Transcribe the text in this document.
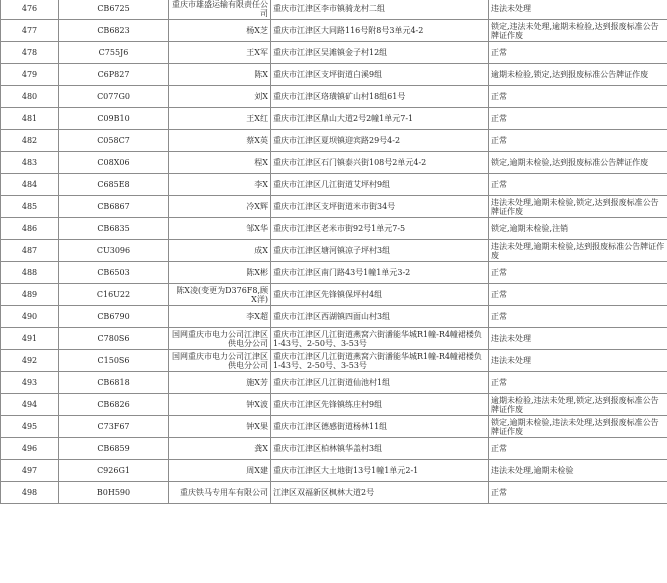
476	CB6725	重庆市雄盛运输有限责任公司	重庆市江津区李市镇骑龙村二组	违法未处理
477	CB6823	杨X芝	重庆市江津区大同路116号附8号3单元4-2	锁定,违法未处理,逾期未检验,达到报废标准公告牌证作废
478	C755J6	王X军	重庆市江津区吴滩镇金子村12组	正常
479	C6P827	陈X	重庆市江津区支坪街道白溪9组	逾期未检验,锁定,达到报废标准公告牌证作废
480	C077G0	刘X	重庆市江津区珞璜镇矿山村18组61号	正常
481	C09B10	王X红	重庆市江津区鼎山大道2号2幢1单元7-1	正常
482	C058C7	蔡X英	重庆市江津区夏坝镇迎宾路29号4-2	正常
483	C08X06	程X	重庆市江津区石门镇泰兴街108号2单元4-2	锁定,逾期未检验,达到报废标准公告牌证作废
484	C685E8	李X	重庆市江津区几江街道艾坪村9组	正常
485	CB6867	冷X辉	重庆市江津区支坪街道米市街34号	违法未处理,逾期未检验,锁定,达到报废标准公告牌证作废
486	CB6835	邹X华	重庆市江津区老米市街92号1单元7-5	锁定,逾期未检验,注销
487	CU3096	成X	重庆市江津区塘河镇凉子坪村3组	违法未处理,逾期未检验,达到报废标准公告牌证作废
488	CB6503	陈X彬	重庆市江津区南门路43号1幢1单元3-2	正常
489	C16U22	陈X凌(变更为D376F8,顾X洋)	重庆市江津区先锋镇保坪村4组	正常
490	CB6790	李X超	重庆市江津区西湖镇四面山村3组	正常
491	C780S6	国网重庆市电力公司江津区供电分公司	重庆市江津区几江街道燕窝六街潘能华城R1幢-R4幢裙楼负1-43号、2-50号、3-53号	违法未处理
492	C150S6	国网重庆市电力公司江津区供电分公司	重庆市江津区几江街道燕窝六街潘能华城R1幢-R4幢裙楼负1-43号、2-50号、3-53号	违法未处理
493	CB6818	施X芳	重庆市江津区几江街道仙池村1组	正常
494	CB6826	钟X波	重庆市江津区先锋镇练庄村9组	逾期未检验,违法未处理,锁定,达到报废标准公告牌证作废
495	C73F67	钟X果	重庆市江津区德感街道杨林11组	锁定,逾期未检验,违法未处理,达到报废标准公告牌证作废
496	CB6859	龚X	重庆市江津区柏林镇华盖村3组	正常
497	C926G1	周X建	重庆市江津区大土地街13号1幢1单元2-1	违法未处理,逾期未检验
498	B0H590	重庆铁马专用车有限公司	江津区双福新区枫林大道2号	正常
